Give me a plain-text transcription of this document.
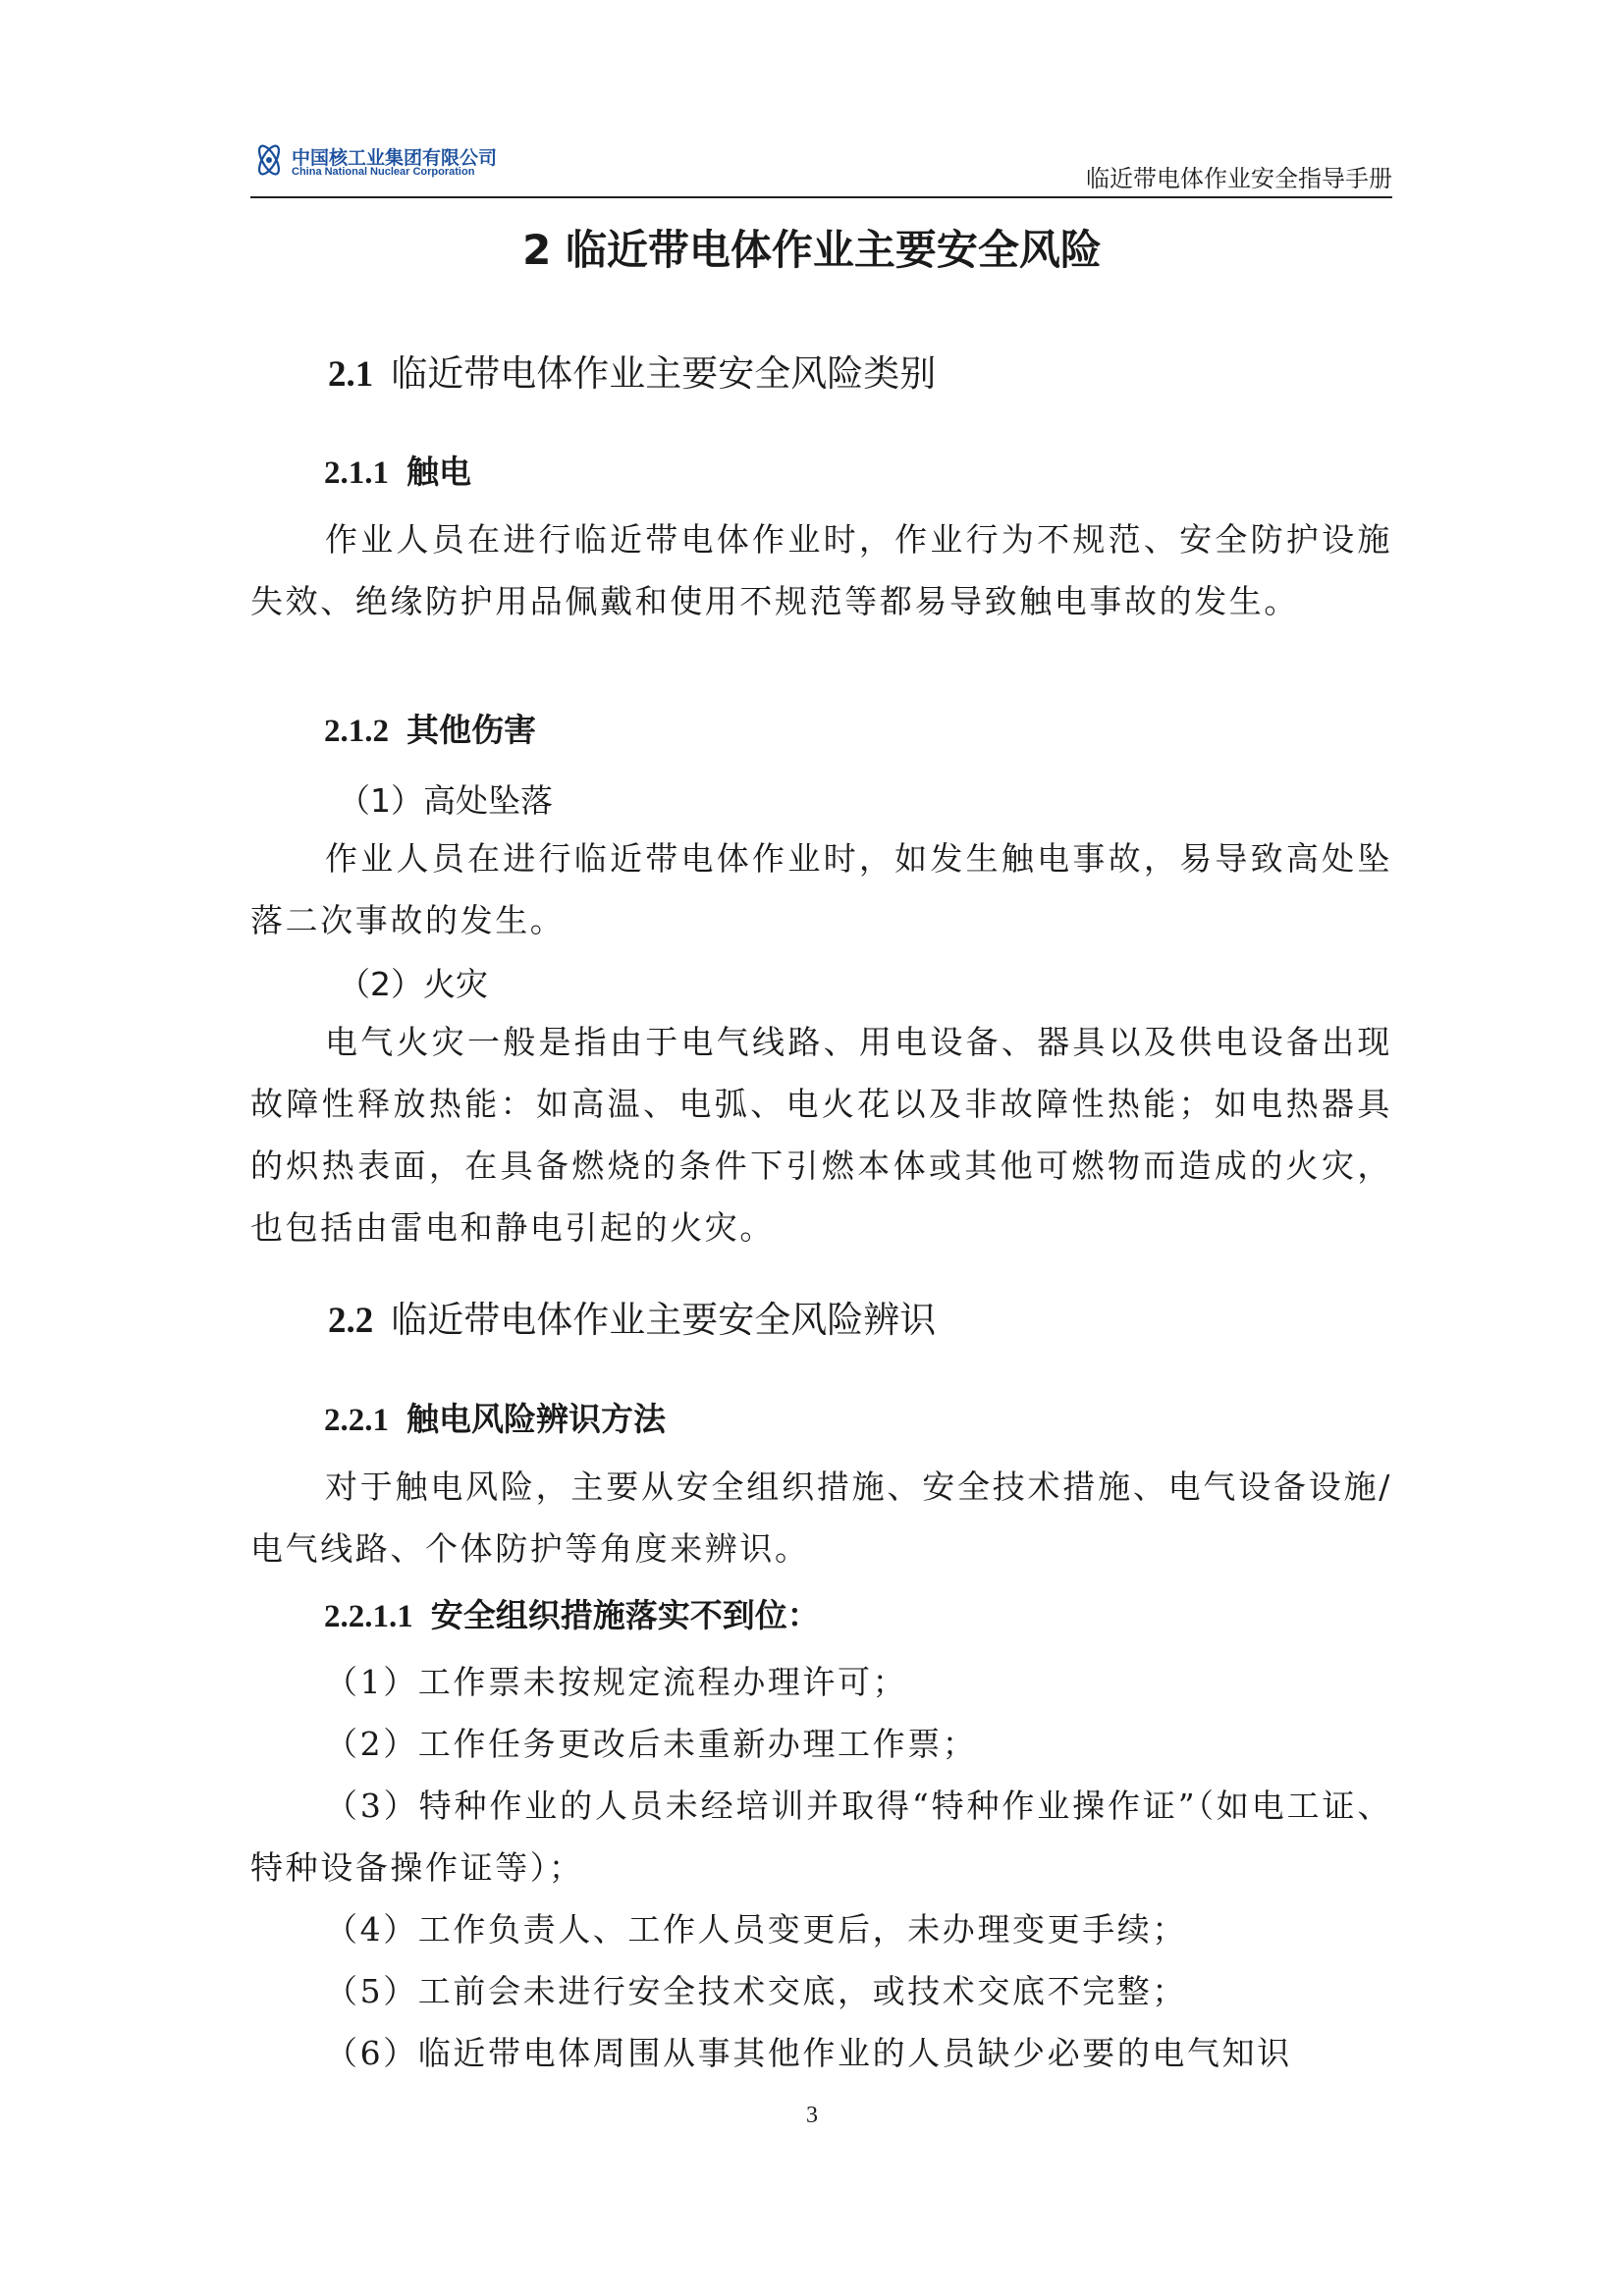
中国核工业集团有限公司
China National Nuclear Corporation	临近带电体作业安全指导手册
2 临近带电体作业主要安全风险
2.1 临近带电体作业主要安全风险类别
2.1.1 触电
作业人员在进行临近带电体作业时，作业行为不规范、安全防护设施失效、绝缘防护用品佩戴和使用不规范等都易导致触电事故的发生。
2.1.2 其他伤害
（1）高处坠落
作业人员在进行临近带电体作业时，如发生触电事故，易导致高处坠落二次事故的发生。
（2）火灾
电气火灾一般是指由于电气线路、用电设备、器具以及供电设备出现故障性释放热能：如高温、电弧、电火花以及非故障性热能；如电热器具的炽热表面，在具备燃烧的条件下引燃本体或其他可燃物而造成的火灾，也包括由雷电和静电引起的火灾。
2.2 临近带电体作业主要安全风险辨识
2.2.1 触电风险辨识方法
对于触电风险，主要从安全组织措施、安全技术措施、电气设备设施/电气线路、个体防护等角度来辨识。
2.2.1.1 安全组织措施落实不到位：
（1）工作票未按规定流程办理许可；
（2）工作任务更改后未重新办理工作票；
（3）特种作业的人员未经培训并取得“特种作业操作证”（如电工证、特种设备操作证等）；
（4）工作负责人、工作人员变更后，未办理变更手续；
（5）工前会未进行安全技术交底，或技术交底不完整；
（6）临近带电体周围从事其他作业的人员缺少必要的电气知识
3
